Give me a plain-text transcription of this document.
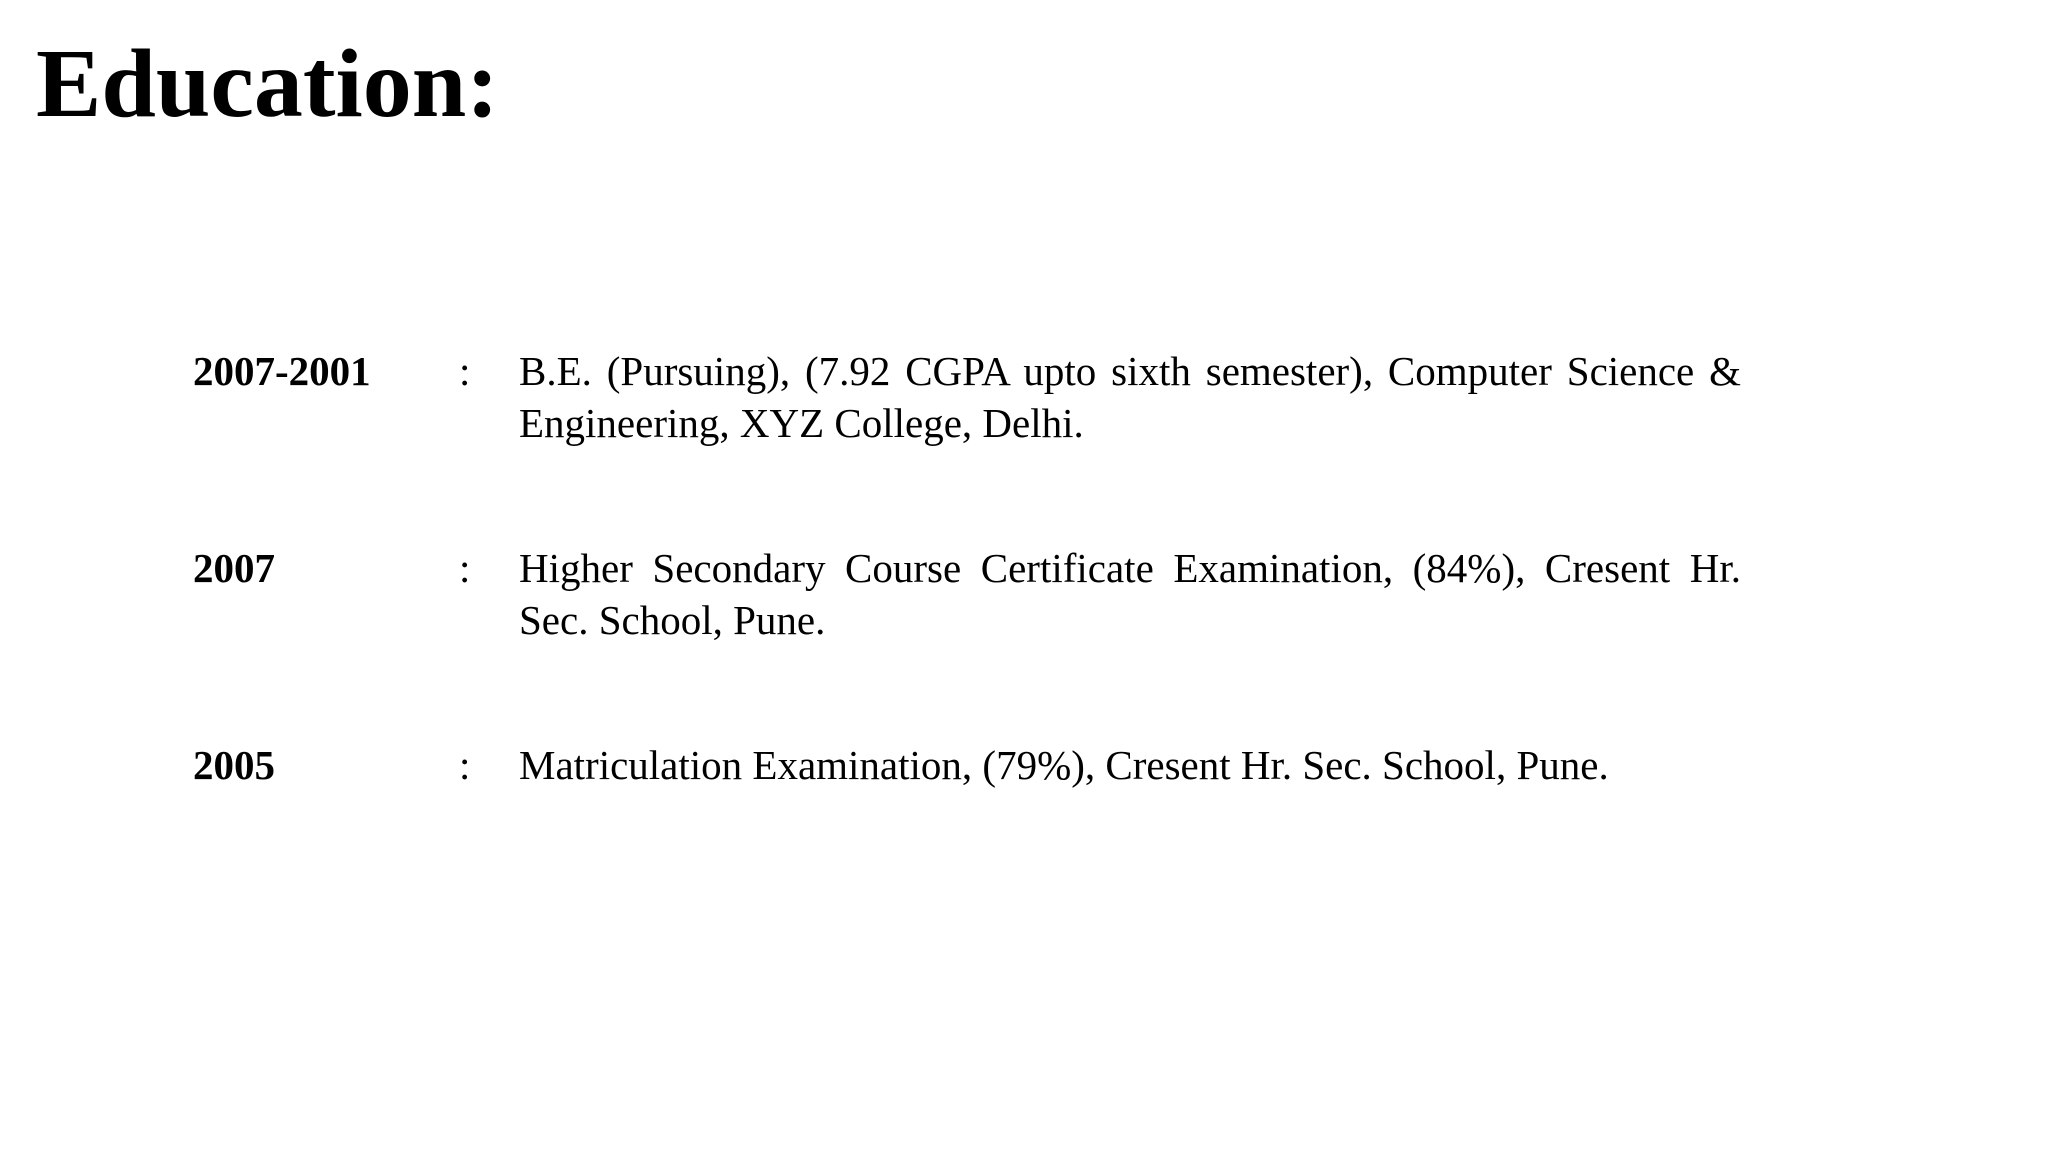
Education:
2007-2001	:	B.E. (Pursuing), (7.92 CGPA upto sixth semester), Computer Science & Engineering, XYZ College, Delhi.
2007	:	Higher Secondary Course Certificate Examination, (84%), Cresent Hr. Sec. School, Pune.
2005	:	Matriculation Examination, (79%), Cresent Hr. Sec. School, Pune.
